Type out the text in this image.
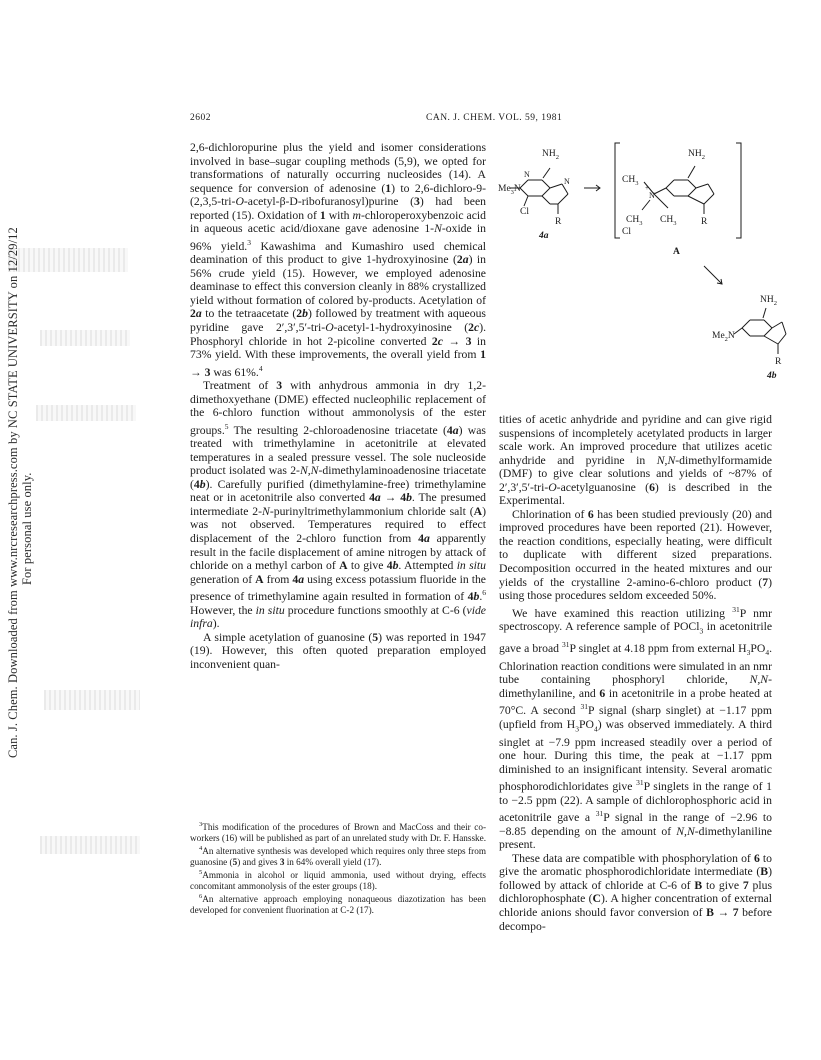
Can. J. Chem. Downloaded from www.nrcresearchpress.com by NC STATE UNIVERSITY on 12/29/12 For personal use only.
2602	CAN. J. CHEM. VOL. 59, 1981

2,6-dichloropurine plus the yield and isomer considerations involved in base–sugar coupling methods (5,9), we opted for transformations of naturally occurring nucleosides (14). A sequence for conversion of adenosine (1) to 2,6-dichloro-9-(2,3,5-tri-O-acetyl-β-D-ribofuranosyl)purine (3) had been reported (15). Oxidation of 1 with m-chloroperoxybenzoic acid in aqueous acetic acid/dioxane gave adenosine 1-N-oxide in 96% yield.$^3$ Kawashima and Kumashiro used chemical deamination of this product to give 1-hydroxyinosine (2a) in 56% crude yield (15). However, we employed adenosine deaminase to effect this conversion cleanly in 88% crystallized yield without formation of colored by-products. Acetylation of 2a to the tetraacetate (2b) followed by treatment with aqueous pyridine gave 2′,3′,5′-tri-O-acetyl-1-hydroxyinosine (2c). Phosphoryl chloride in hot 2-picoline converted 2c → 3 in 73% yield. With these improvements, the overall yield from 1 → 3 was 61%.$^4$

Treatment of 3 with anhydrous ammonia in dry 1,2-dimethoxyethane (DME) effected nucleophilic replacement of the 6-chloro function without ammonolysis of the ester groups.$^5$ The resulting 2-chloroadenosine triacetate (4a) was treated with trimethylamine in acetonitrile at elevated temperatures in a sealed pressure vessel. The sole nucleoside product isolated was 2-N,N-dimethylaminoadenosine triacetate (4b). Carefully purified (dimethylamine-free) trimethylamine neat or in acetonitrile also converted 4a → 4b. The presumed intermediate 2-N-purinyltrimethylammonium chloride salt (A) was not observed. Temperatures required to effect displacement of the 2-chloro function from 4a apparently result in the facile displacement of amine nitrogen by attack of chloride on a methyl carbon of A to give 4b. Attempted in situ generation of A from 4a using excess potassium fluoride in the presence of trimethylamine again resulted in formation of 4b.$^6$ However, the in situ procedure functions smoothly at C-6 (vide infra).

A simple acetylation of guanosine (5) was reported in 1947 (19). However, this often quoted preparation employed inconvenient quan-

$^3$This modification of the procedures of Brown and MacCoss and their co-workers (16) will be published as part of an unrelated study with Dr. F. Hansske.

$^4$An alternative synthesis was developed which requires only three steps from guanosine (5) and gives 3 in 64% overall yield (17).

$^5$Ammonia in alcohol or liquid ammonia, used without drying, effects concomitant ammonolysis of the ester groups (18).

$^6$An alternative approach employing nonaqueous diazotization has been developed for convenient fluorination at C-2 (17).

$NH_2$
$Me_3N$
Cl
R
4a
N
N
$NH_2$
$CH_3$
$CH_3$ $CH_3$
N
+
Cl
R
A
$NH_2$
$Me_2N$
R
4b

tities of acetic anhydride and pyridine and can give rigid suspensions of incompletely acetylated products in larger scale work. An improved procedure that utilizes acetic anhydride and pyridine in N,N-dimethylformamide (DMF) to give clear solutions and yields of ~87% of 2′,3′,5′-tri-O-acetylguanosine (6) is described in the Experimental.

Chlorination of 6 has been studied previously (20) and improved procedures have been reported (21). However, the reaction conditions, especially heating, were difficult to duplicate with different sized preparations. Decomposition occurred in the heated mixtures and our yields of the crystalline 2-amino-6-chloro product (7) using those procedures seldom exceeded 50%.

We have examined this reaction utilizing $^{31}$P nmr spectroscopy. A reference sample of POCl$_3$ in acetonitrile gave a broad $^{31}$P singlet at 4.18 ppm from external $H_3PO_4$. Chlorination reaction conditions were simulated in an nmr tube containing phosphoryl chloride, N,N-dimethylaniline, and 6 in acetonitrile in a probe heated at 70°C. A second $^{31}$P signal (sharp singlet) at −1.17 ppm (upfield from $H_3PO_4$) was observed immediately. A third singlet at −7.9 ppm increased steadily over a period of one hour. During this time, the peak at −1.17 ppm diminished to an insignificant intensity. Several aromatic phosphorodichloridates give $^{31}$P singlets in the range of 1 to −2.5 ppm (22). A sample of dichlorophosphoric acid in acetonitrile gave a $^{31}$P signal in the range of −2.96 to −8.85 depending on the amount of N,N-dimethylaniline present.

These data are compatible with phosphorylation of 6 to give the aromatic phosphorodichloridate intermediate (B) followed by attack of chloride at C-6 of B to give 7 plus dichlorophosphate (C). A higher concentration of external chloride anions should favor conversion of B → 7 before decompo-
